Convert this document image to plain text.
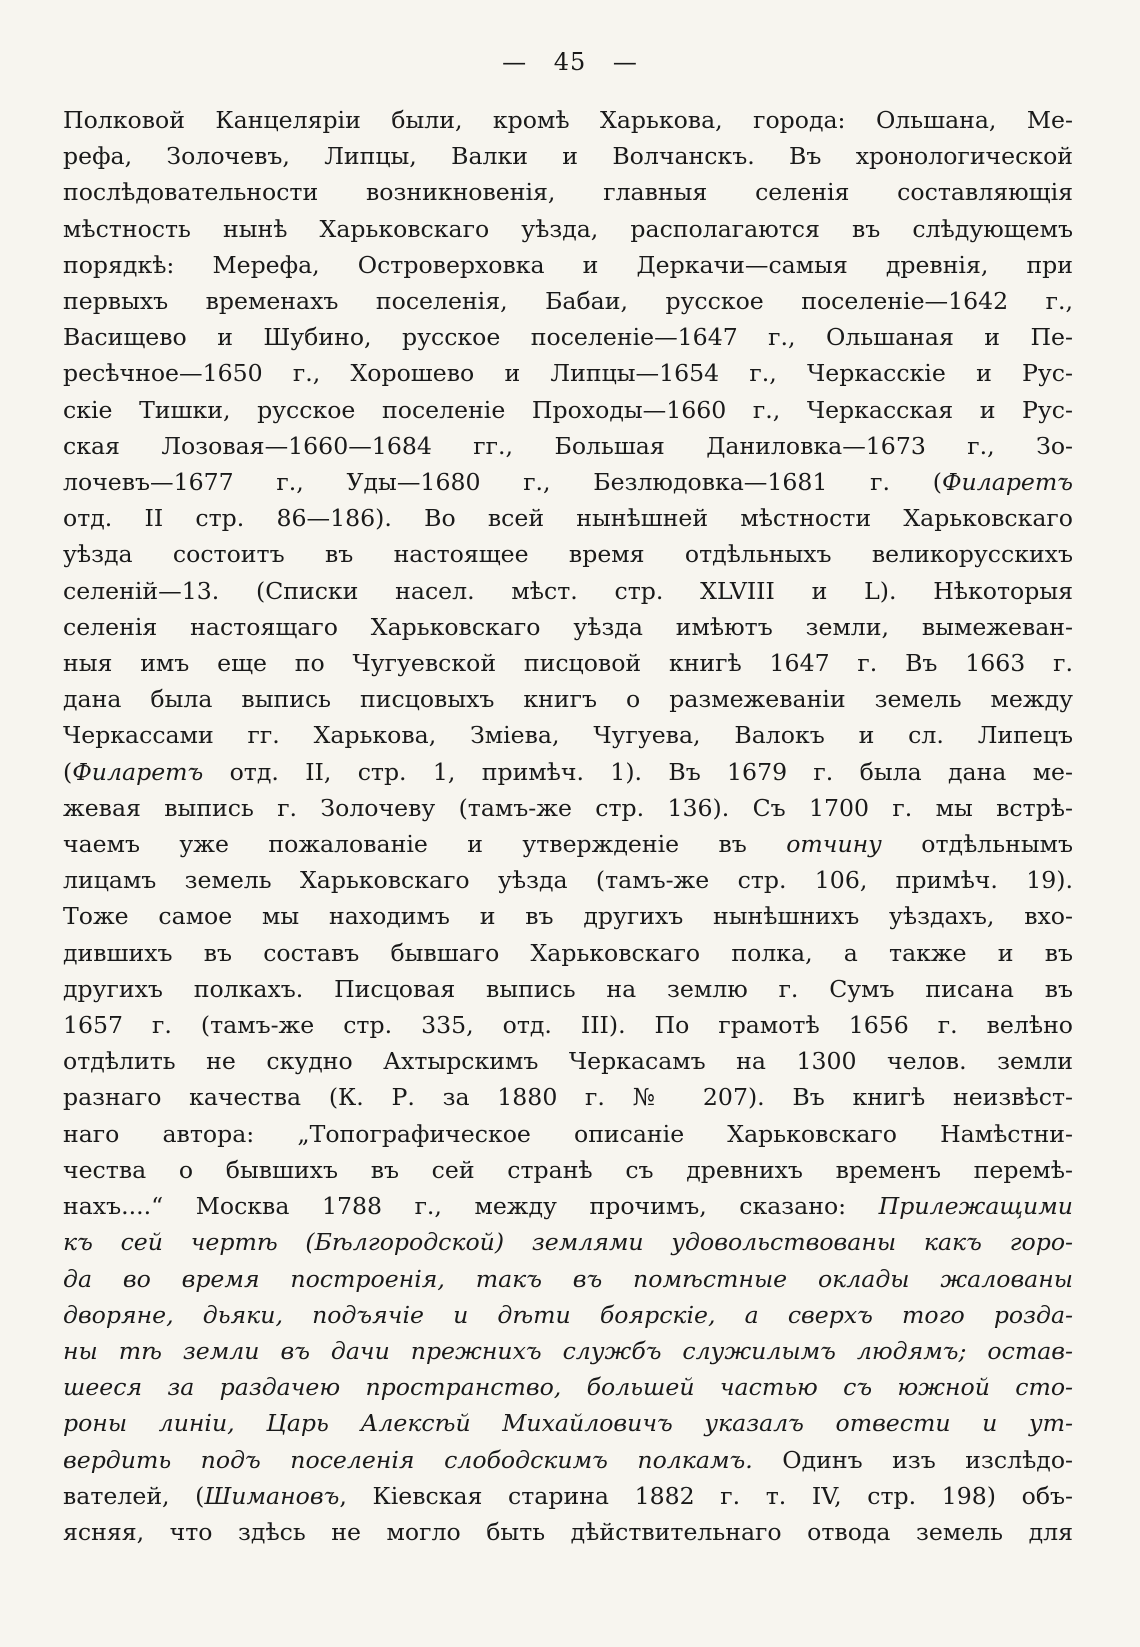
— 45 —
Полковой Канцеляріи были, кромѣ Харькова, города: Ольшана, Ме-
рефа, Золочевъ, Липцы, Валки и Волчанскъ. Въ хронологической
послѣдовательности возникновенія, главныя селенія составляющія
мѣстность нынѣ Харьковскаго уѣзда, располагаются въ слѣдующемъ
порядкѣ: Мерефа, Островерховка и Деркачи—самыя древнія, при
первыхъ временахъ поселенія, Бабаи, русское поселеніе—1642 г.,
Васищево и Шубино, русское поселеніе—1647 г., Ольшаная и Пе-
ресѣчное—1650 г., Хорошево и Липцы—1654 г., Черкасскіе и Рус-
скіе Тишки, русское поселеніе Проходы—1660 г., Черкасская и Рус-
ская Лозовая—1660—1684 гг., Большая Даниловка—1673 г., Зо-
лочевъ—1677 г., Уды—1680 г., Безлюдовка—1681 г. (Филаретъ
отд. II стр. 86—186). Во всей нынѣшней мѣстности Харьковскаго
уѣзда состоитъ въ настоящее время отдѣльныхъ великорусскихъ
селеній—13. (Списки насел. мѣст. стр. XLVIII и L). Нѣкоторыя
селенія настоящаго Харьковскаго уѣзда имѣютъ земли, вымежеван-
ныя имъ еще по Чугуевской писцовой книгѣ 1647 г. Въ 1663 г.
дана была выпись писцовыхъ книгъ о размежеваніи земель между
Черкассами гг. Харькова, Зміева, Чугуева, Валокъ и сл. Липецъ
(Филаретъ отд. II, стр. 1, примѣч. 1). Въ 1679 г. была дана ме-
жевая выпись г. Золочеву (тамъ-же стр. 136). Съ 1700 г. мы встрѣ-
чаемъ уже пожалованіе и утвержденіе въ отчину отдѣльнымъ
лицамъ земель Харьковскаго уѣзда (тамъ-же стр. 106, примѣч. 19).
Тоже самое мы находимъ и въ другихъ нынѣшнихъ уѣздахъ, вхо-
дившихъ въ составъ бывшаго Харьковскаго полка, а также и въ
другихъ полкахъ. Писцовая выпись на землю г. Сумъ писана въ
1657 г. (тамъ-же стр. 335, отд. III). По грамотѣ 1656 г. велѣно
отдѣлить не скудно Ахтырскимъ Черкасамъ на 1300 челов. земли
разнаго качества (К. Р. за 1880 г. № 207). Въ книгѣ неизвѣст-
наго автора: „Топографическое описаніе Харьковскаго Намѣстни-
чества о бывшихъ въ сей странѣ съ древнихъ временъ перемѣ-
нахъ....“ Москва 1788 г., между прочимъ, сказано: Прилежащими
къ сей чертѣ (Бѣлгородской) землями удовольствованы какъ горо-
да во время построенія, такъ въ помѣстные оклады жалованы
дворяне, дьяки, подъячіе и дѣти боярскіе, а сверхъ того розда-
ны тѣ земли въ дачи прежнихъ службъ служилымъ людямъ; остав-
шееся за раздачею пространство, большей частью съ южной сто-
роны линіи, Царь Алексѣй Михайловичъ указалъ отвести и ут-
вердить подъ поселенія слободскимъ полкамъ. Одинъ изъ изслѣдо-
вателей, (Шимановъ, Кіевская старина 1882 г. т. IV, стр. 198) объ-
ясняя, что здѣсь не могло быть дѣйствительнаго отвода земель для
